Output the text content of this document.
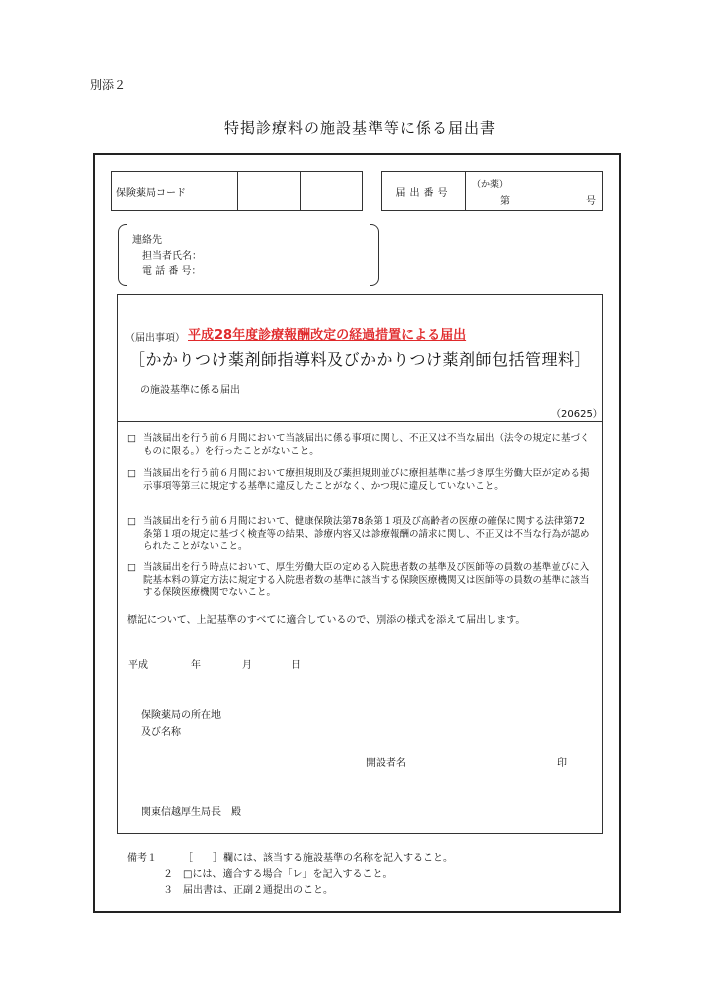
別添２
特掲診療料の施設基準等に係る届出書
保険薬局コード	届出番号
（か薬）
第	号
連絡先
担当者氏名：
電 話 番 号：
（届出事項） 平成28年度診療報酬改定の経過措置による届出
［かかりつけ薬剤師指導料及びかかりつけ薬剤師包括管理料］
の施設基準に係る届出
（20625）
□ 当該届出を行う前６月間において当該届出に係る事項に関し、不正又は不当な届出（法令の規定に基づくものに限る。）を行ったことがないこと。
□ 当該届出を行う前６月間において療担規則及び薬担規則並びに療担基準に基づき厚生労働大臣が定める掲示事項等第三に規定する基準に違反したことがなく、かつ現に違反していないこと。
□ 当該届出を行う前６月間において、健康保険法第78条第１項及び高齢者の医療の確保に関する法律第72条第１項の規定に基づく検査等の結果、診療内容又は診療報酬の請求に関し、不正又は不当な行為が認められたことがないこと。
□ 当該届出を行う時点において、厚生労働大臣の定める入院患者数の基準及び医師等の員数の基準並びに入院基本料の算定方法に規定する入院患者数の基準に該当する保険医療機関又は医師等の員数の基準に該当する保険医療機関でないこと。
標記について、上記基準のすべてに適合しているので、別添の様式を添えて届出します。
平成	年	月	日
保険薬局の所在地
及び名称
開設者名	印
関東信越厚生局長　殿
備考１	［　　］欄には、該当する施設基準の名称を記入すること。
２ □には、適合する場合「レ」を記入すること。
３ 届出書は、正副２通提出のこと。
